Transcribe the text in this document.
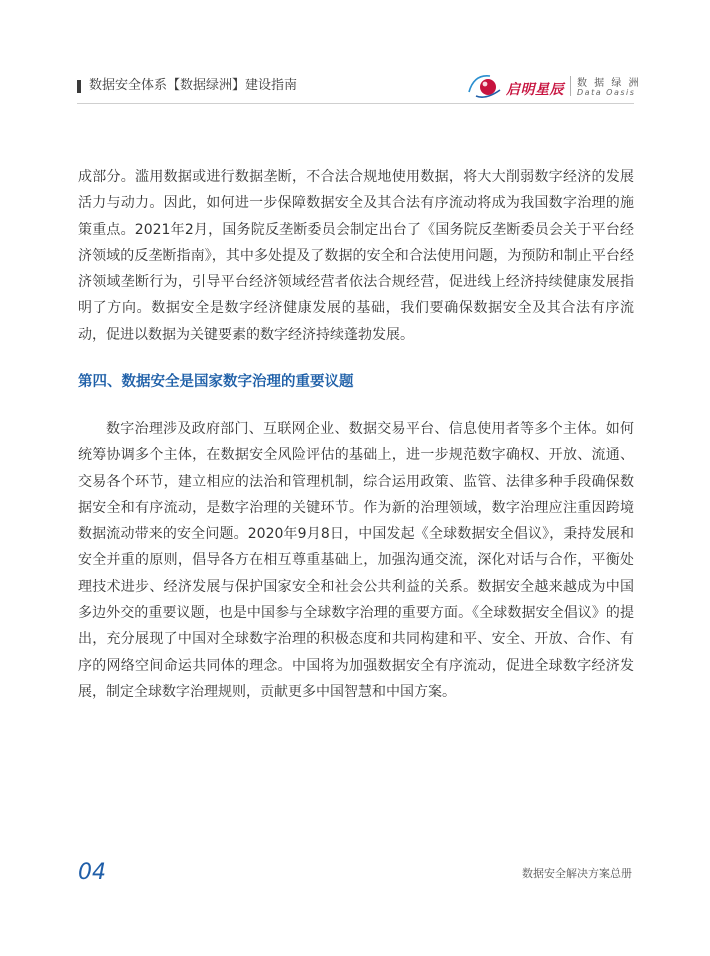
数据安全体系【数据绿洲】建设指南	启明星辰 数 据 绿 洲
Data Oasis

成部分。滥用数据或进行数据垄断，不合法合规地使用数据，将大大削弱数字经济的发展活力与动力。因此，如何进一步保障数据安全及其合法有序流动将成为我国数字治理的施策重点。2021年2月，国务院反垄断委员会制定出台了《国务院反垄断委员会关于平台经济领域的反垄断指南》，其中多处提及了数据的安全和合法使用问题，为预防和制止平台经济领域垄断行为，引导平台经济领域经营者依法合规经营，促进线上经济持续健康发展指明了方向。数据安全是数字经济健康发展的基础，我们要确保数据安全及其合法有序流动，促进以数据为关键要素的数字经济持续蓬勃发展。

第四、数据安全是国家数字治理的重要议题

数字治理涉及政府部门、互联网企业、数据交易平台、信息使用者等多个主体。如何统筹协调多个主体，在数据安全风险评估的基础上，进一步规范数字确权、开放、流通、交易各个环节，建立相应的法治和管理机制，综合运用政策、监管、法律多种手段确保数据安全和有序流动，是数字治理的关键环节。作为新的治理领域，数字治理应注重因跨境数据流动带来的安全问题。2020年9月8日，中国发起《全球数据安全倡议》，秉持发展和安全并重的原则，倡导各方在相互尊重基础上，加强沟通交流，深化对话与合作，平衡处理技术进步、经济发展与保护国家安全和社会公共利益的关系。数据安全越来越成为中国多边外交的重要议题，也是中国参与全球数字治理的重要方面。《全球数据安全倡议》的提出，充分展现了中国对全球数字治理的积极态度和共同构建和平、安全、开放、合作、有序的网络空间命运共同体的理念。中国将为加强数据安全有序流动，促进全球数字经济发展，制定全球数字治理规则，贡献更多中国智慧和中国方案。

04	数据安全解决方案总册
